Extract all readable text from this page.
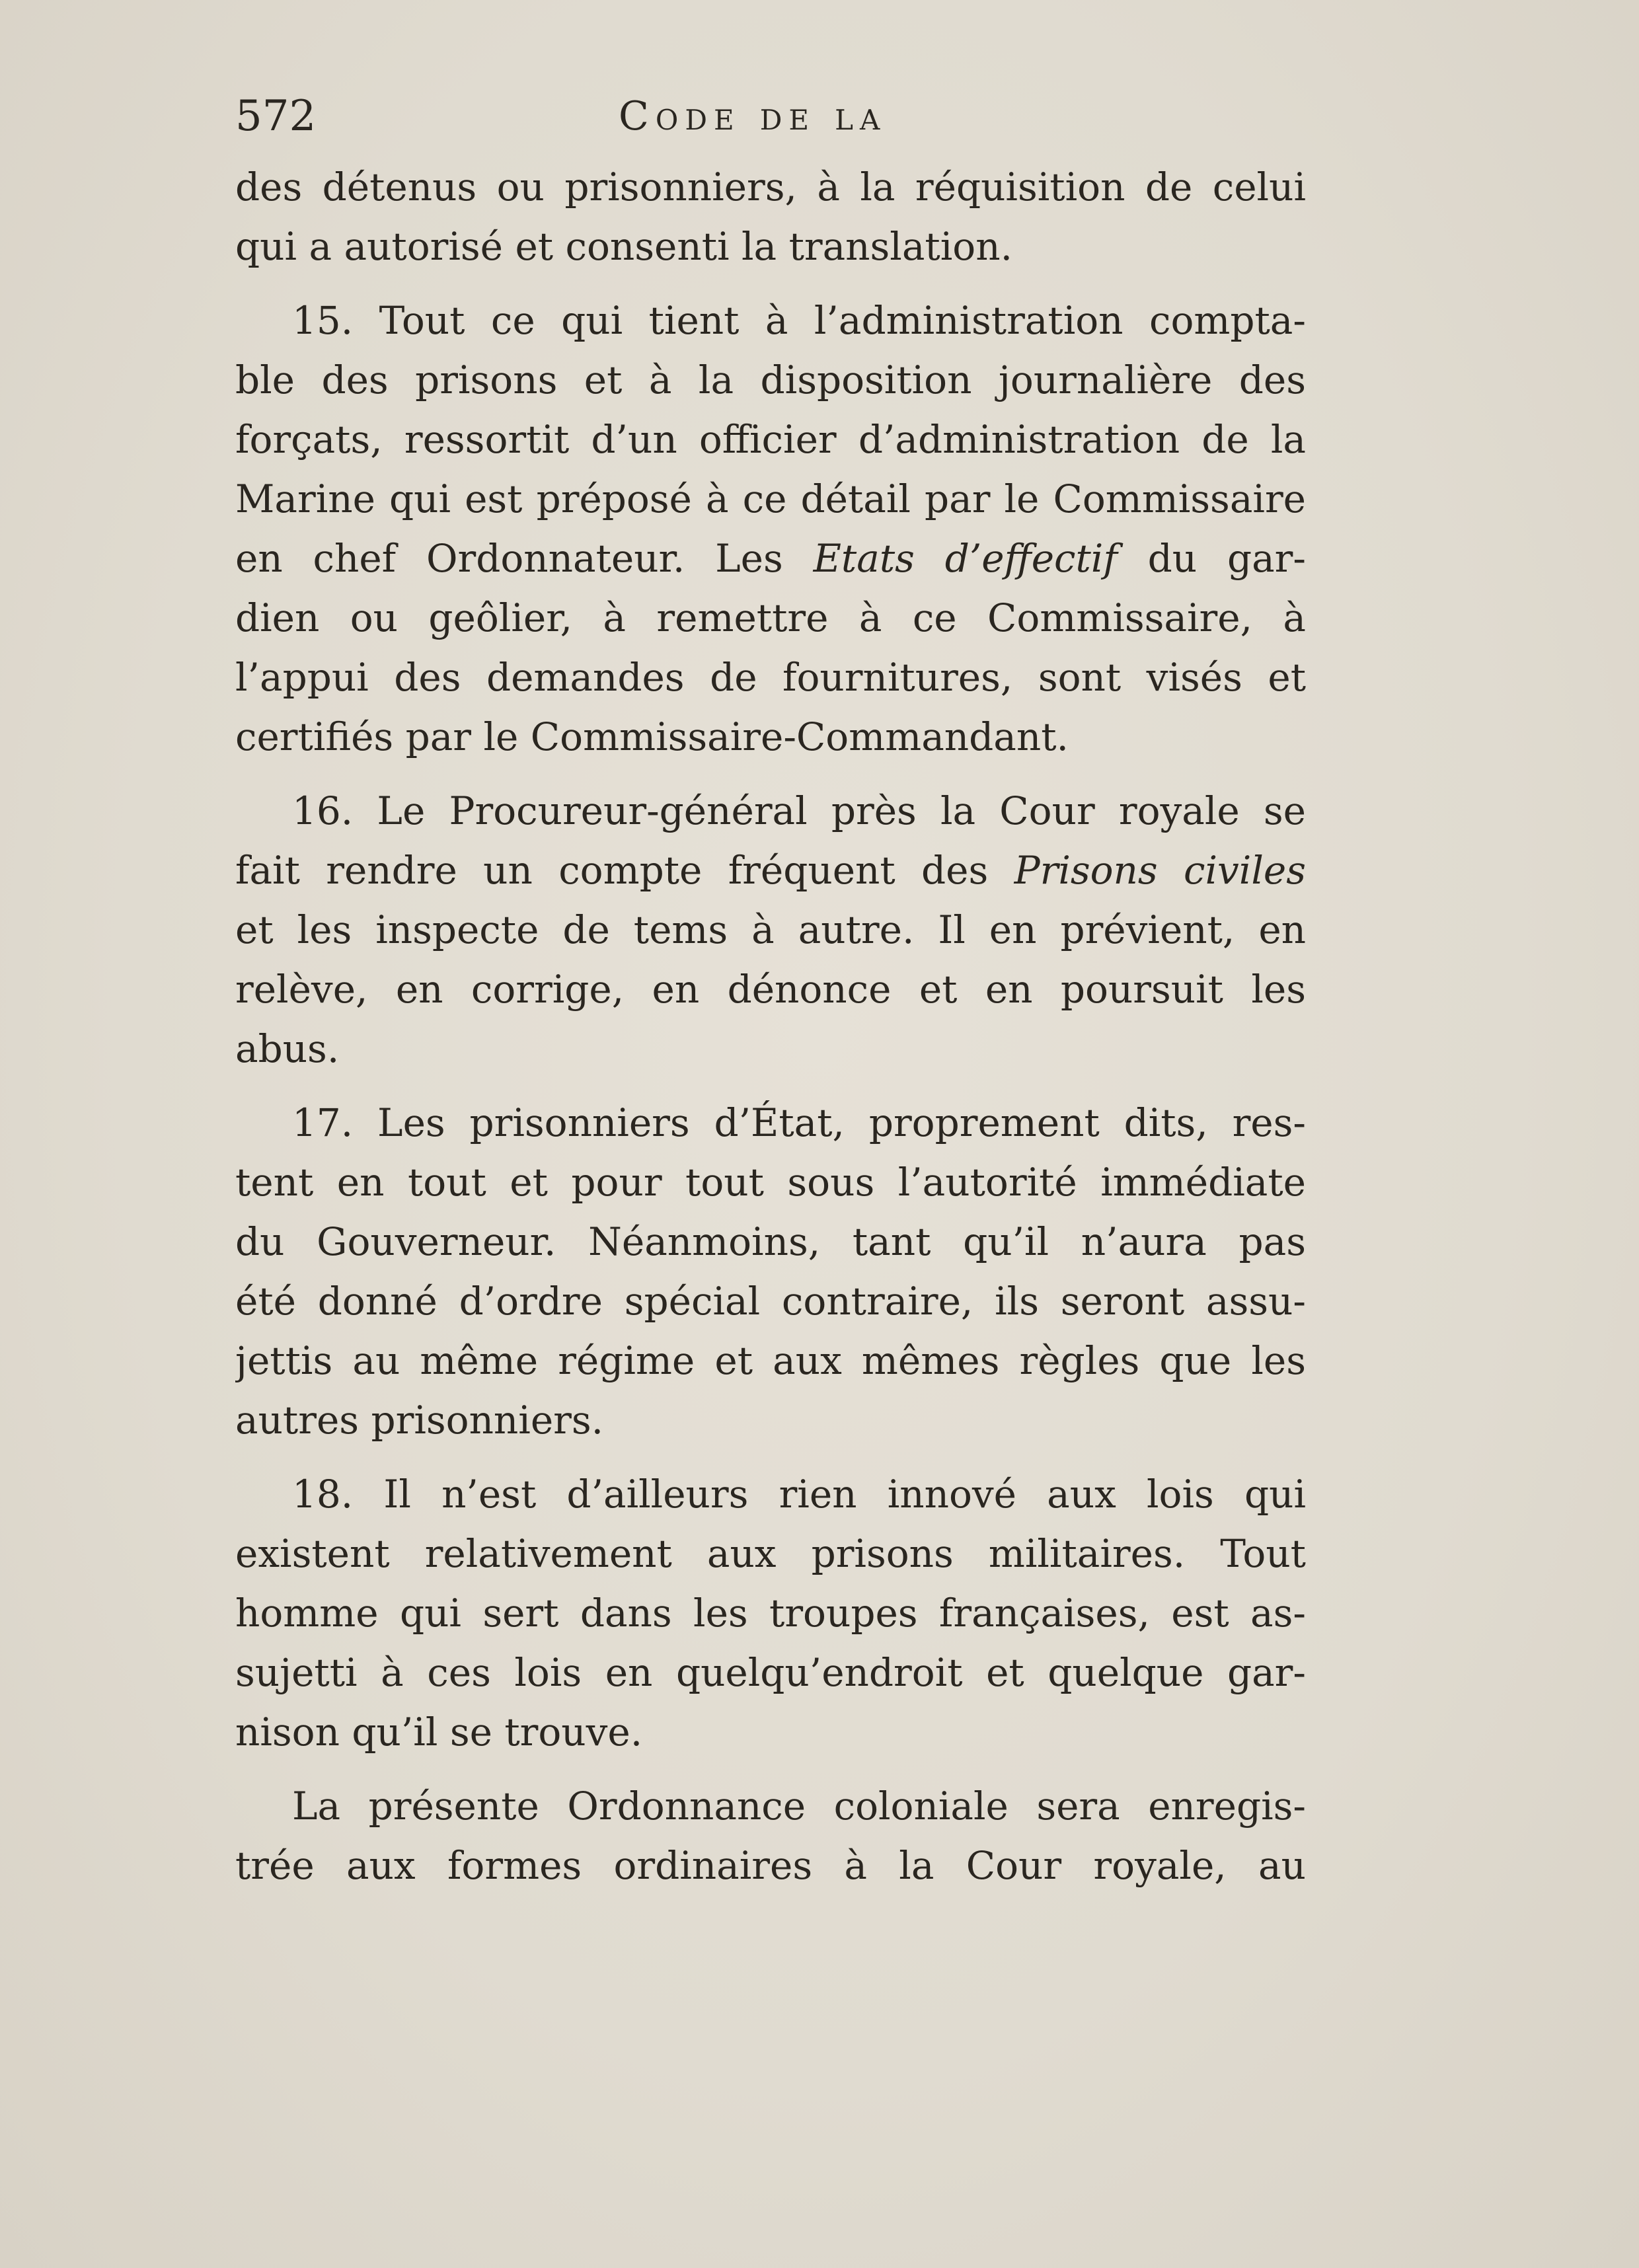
572	Code de la
des détenus ou prisonniers, à la réquisition de celui
qui a autorisé et consenti la translation.
15. Tout ce qui tient à l’administration compta-
ble des prisons et à la disposition journalière des
forçats, ressortit d’un officier d’administration de la
Marine qui est préposé à ce détail par le Commissaire
en chef Ordonnateur. Les Etats d’effectif du gar-
dien ou geôlier, à remettre à ce Commissaire, à
l’appui des demandes de fournitures, sont visés et
certifiés par le Commissaire-Commandant.
16. Le Procureur-général près la Cour royale se
fait rendre un compte fréquent des Prisons civiles
et les inspecte de tems à autre. Il en prévient, en
relève, en corrige, en dénonce et en poursuit les
abus.
17. Les prisonniers d’État, proprement dits, res-
tent en tout et pour tout sous l’autorité immédiate
du Gouverneur. Néanmoins, tant qu’il n’aura pas
été donné d’ordre spécial contraire, ils seront assu-
jettis au même régime et aux mêmes règles que les
autres prisonniers.
18. Il n’est d’ailleurs rien innové aux lois qui
existent relativement aux prisons militaires. Tout
homme qui sert dans les troupes françaises, est as-
sujetti à ces lois en quelqu’endroit et quelque gar-
nison qu’il se trouve.
La présente Ordonnance coloniale sera enregis-
trée aux formes ordinaires à la Cour royale, au
